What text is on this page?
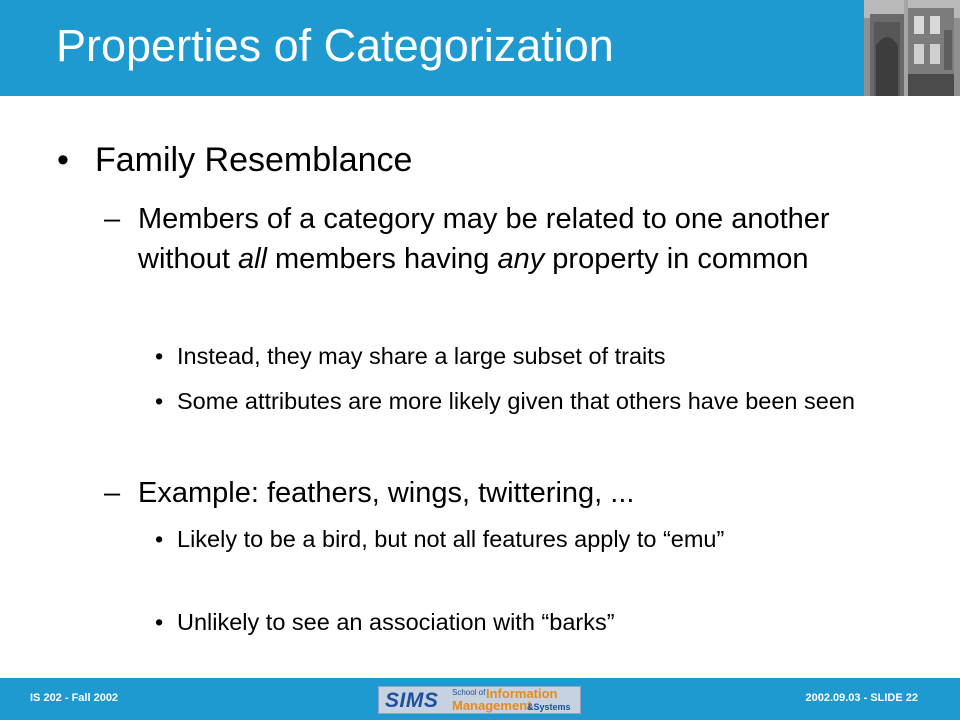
Properties of Categorization
• Family Resemblance
– Members of a category may be related to one another without all members having any property in common
• Instead, they may share a large subset of traits
• Some attributes are more likely given that others have been seen
– Example: feathers, wings, twittering, ...
• Likely to be a bird, but not all features apply to “emu”
• Unlikely to see an association with “barks”
IS 202 - Fall 2002	SIMS School of Information
Management
&Systems
2002.09.03 - SLIDE 22
